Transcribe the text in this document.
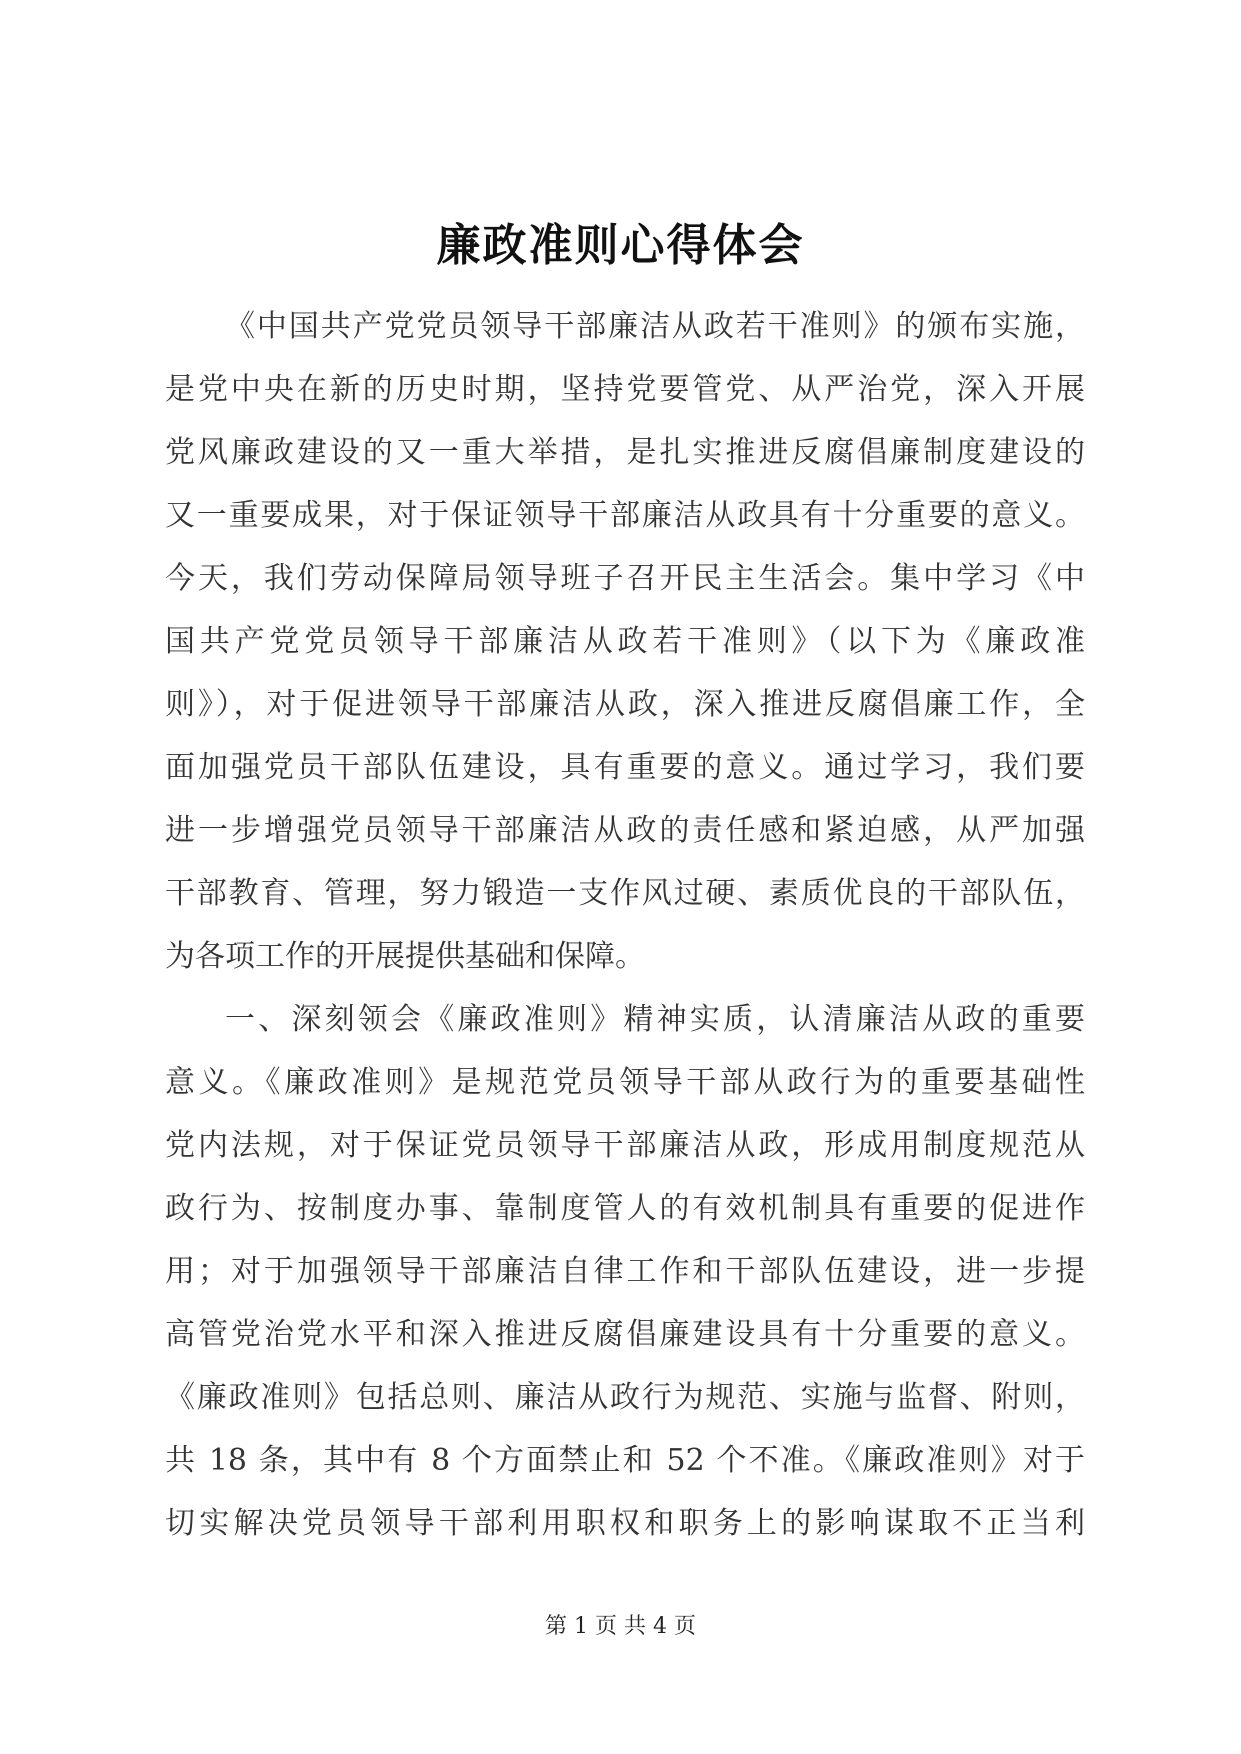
廉政准则心得体会
《中国共产党党员领导干部廉洁从政若干准则》的颁布实施，
是党中央在新的历史时期，坚持党要管党、从严治党，深入开展
党风廉政建设的又一重大举措，是扎实推进反腐倡廉制度建设的
又一重要成果，对于保证领导干部廉洁从政具有十分重要的意义。
今天，我们劳动保障局领导班子召开民主生活会。集中学习《中
国共产党党员领导干部廉洁从政若干准则》（以下为《廉政准
则》），对于促进领导干部廉洁从政，深入推进反腐倡廉工作，全
面加强党员干部队伍建设，具有重要的意义。通过学习，我们要
进一步增强党员领导干部廉洁从政的责任感和紧迫感，从严加强
干部教育、管理，努力锻造一支作风过硬、素质优良的干部队伍，
为各项工作的开展提供基础和保障。
一、深刻领会《廉政准则》精神实质，认清廉洁从政的重要
意义。《廉政准则》是规范党员领导干部从政行为的重要基础性
党内法规，对于保证党员领导干部廉洁从政，形成用制度规范从
政行为、按制度办事、靠制度管人的有效机制具有重要的促进作
用；对于加强领导干部廉洁自律工作和干部队伍建设，进一步提
高管党治党水平和深入推进反腐倡廉建设具有十分重要的意义。
《廉政准则》包括总则、廉洁从政行为规范、实施与监督、附则，
共 18 条，其中有 8 个方面禁止和 52 个不准。《廉政准则》对于
切实解决党员领导干部利用职权和职务上的影响谋取不正当利
第 1 页 共 4 页
